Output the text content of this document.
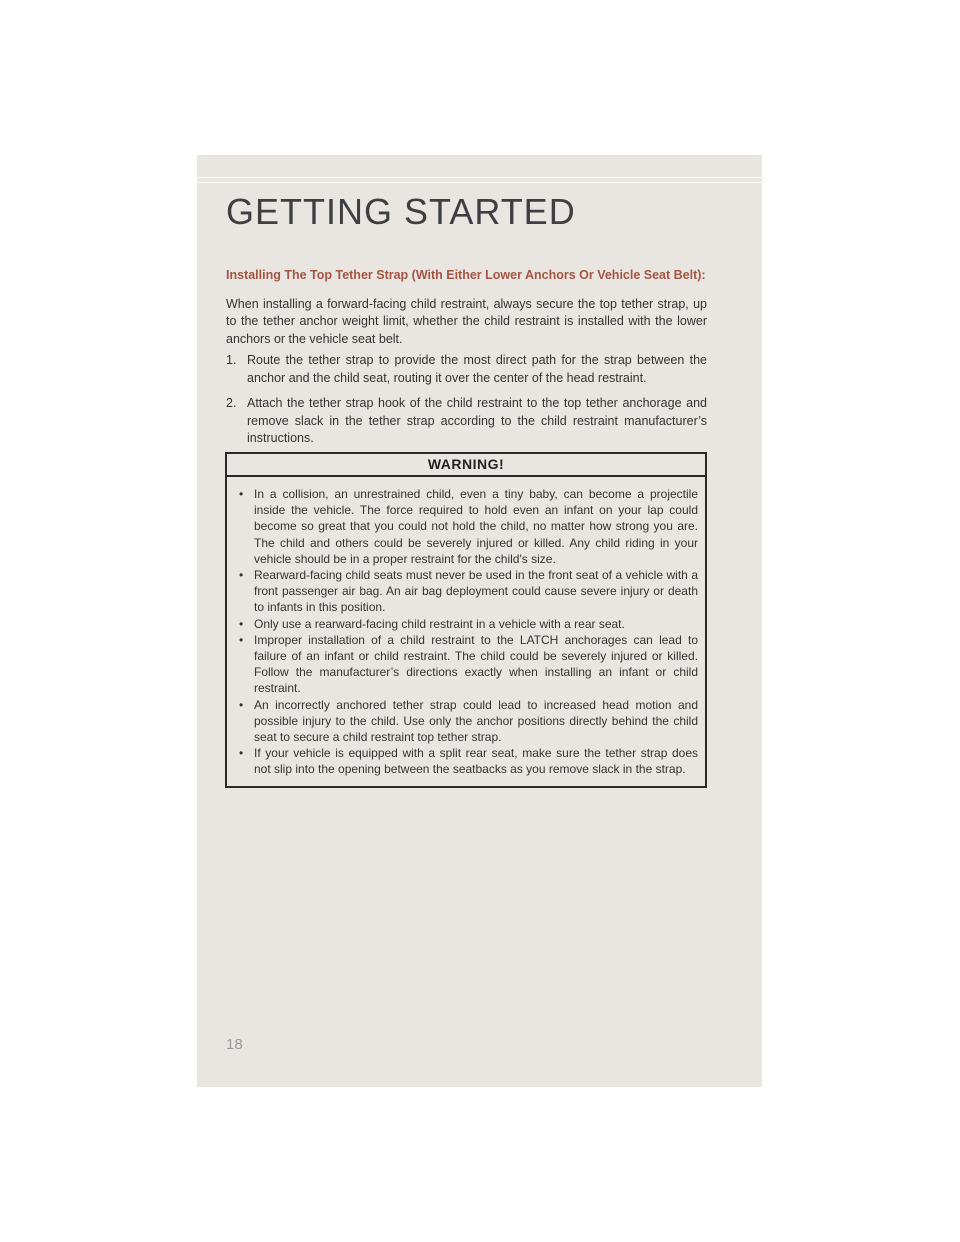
GETTING STARTED
Installing The Top Tether Strap (With Either Lower Anchors Or Vehicle Seat Belt):

When installing a forward-facing child restraint, always secure the top tether strap, up to the tether anchor weight limit, whether the child restraint is installed with the lower anchors or the vehicle seat belt.

1. Route the tether strap to provide the most direct path for the strap between the anchor and the child seat, routing it over the center of the head restraint.
2. Attach the tether strap hook of the child restraint to the top tether anchorage and remove slack in the tether strap according to the child restraint manufacturer’s instructions.
WARNING!
• In a collision, an unrestrained child, even a tiny baby, can become a projectile inside the vehicle. The force required to hold even an infant on your lap could become so great that you could not hold the child, no matter how strong you are. The child and others could be severely injured or killed. Any child riding in your vehicle should be in a proper restraint for the child's size.
• Rearward-facing child seats must never be used in the front seat of a vehicle with a front passenger air bag. An air bag deployment could cause severe injury or death to infants in this position.
• Only use a rearward-facing child restraint in a vehicle with a rear seat.
• Improper installation of a child restraint to the LATCH anchorages can lead to failure of an infant or child restraint. The child could be severely injured or killed. Follow the manufacturer’s directions exactly when installing an infant or child restraint.
• An incorrectly anchored tether strap could lead to increased head motion and possible injury to the child. Use only the anchor positions directly behind the child seat to secure a child restraint top tether strap.
• If your vehicle is equipped with a split rear seat, make sure the tether strap does not slip into the opening between the seatbacks as you remove slack in the strap.
18
